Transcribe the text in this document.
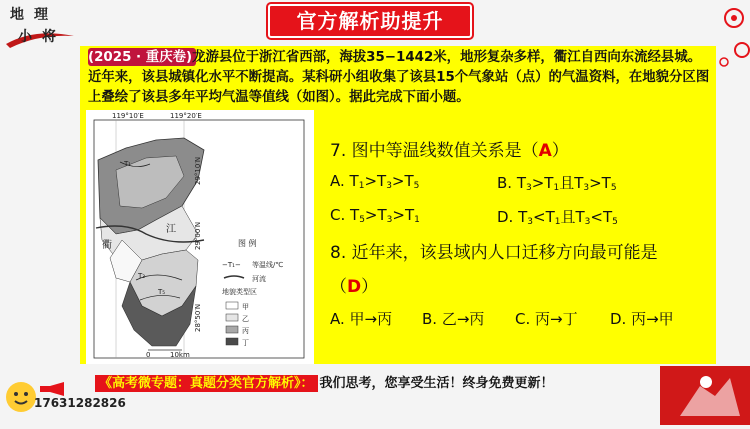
地 理
小 将
官方解析助提升
(2025 · 重庆卷)龙游县位于浙江省西部，海拔35−1442米，地形复杂多样，衢江自西向东流经县城。近年来，该县城镇化水平不断提高。某科研小组收集了该县15个气象站（点）的气温资料，在地貌分区图上叠绘了该县多年平均气温等值线（如图）。据此完成下面小题。
119°10′E	119°20′E
29°10′N
29°00′N
28°50′N
江
衢
T₁
T₃
T₅
图 例
−T₁− 等温线/℃
河流
地貌类型区
甲
乙
丙
丁
0	10km
7. 图中等温线数值关系是（A）
A. $T_1>T_3>T_5$	B. $T_3>T_1$且$T_3>T_5$
C. $T_5>T_3>T_1$	D. $T_3<T_1$且$T_3<T_5$
8. 近年来，该县域内人口迁移方向最可能是
（D）
A. 甲→丙 B. 乙→丙 C. 丙→丁 D. 丙→甲
《高考微专题：真题分类官方解析》： 我们思考，您享受生活！终身免费更新！
17631282826
